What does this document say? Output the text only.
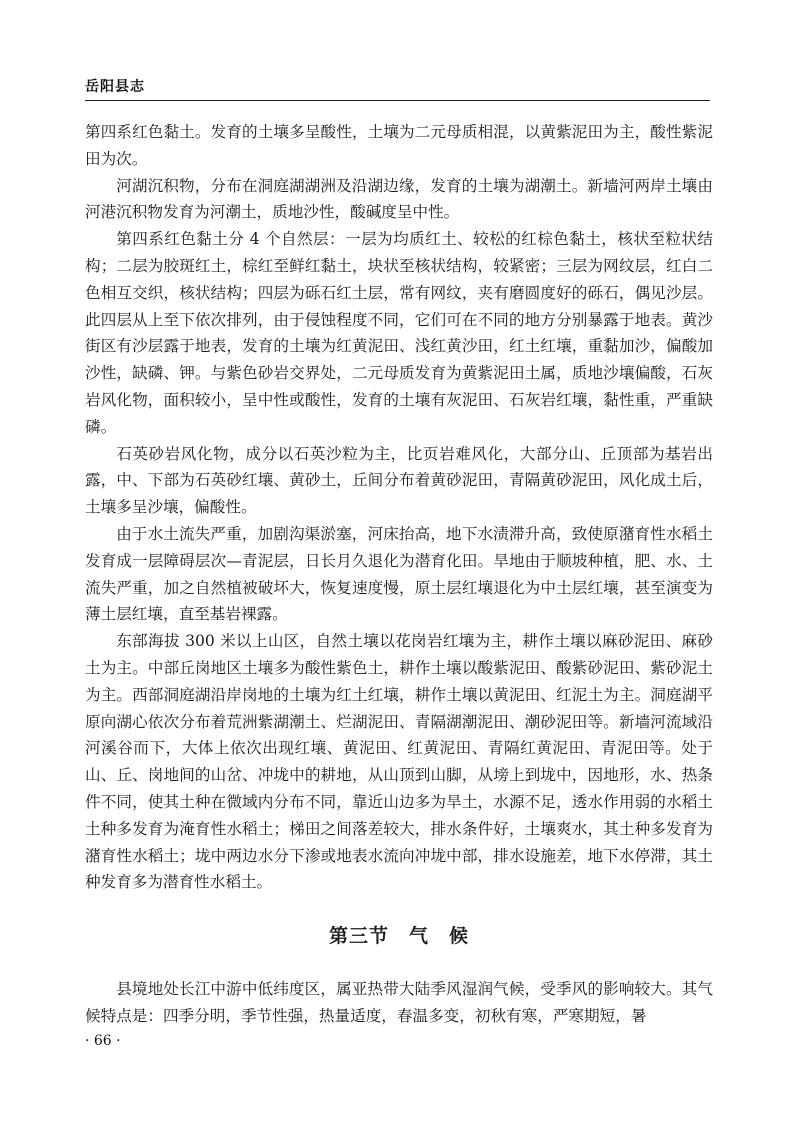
岳阳县志

第四系红色黏土。发育的土壤多呈酸性，土壤为二元母质相混，以黄紫泥田为主，酸性紫泥田为次。

河湖沉积物，分布在洞庭湖湖洲及沿湖边缘，发育的土壤为湖潮土。新墙河两岸土壤由河港沉积物发育为河潮土，质地沙性，酸碱度呈中性。

第四系红色黏土分 4 个自然层：一层为均质红土、较松的红棕色黏土，核状至粒状结构；二层为胶斑红土，棕红至鲜红黏土，块状至核状结构，较紧密；三层为网纹层，红白二色相互交织，核状结构；四层为砾石红土层，常有网纹，夹有磨圆度好的砾石，偶见沙层。此四层从上至下依次排列，由于侵蚀程度不同，它们可在不同的地方分别暴露于地表。黄沙街区有沙层露于地表，发育的土壤为红黄泥田、浅红黄沙田，红土红壤，重黏加沙，偏酸加沙性，缺磷、钾。与紫色砂岩交界处，二元母质发育为黄紫泥田土属，质地沙壤偏酸，石灰岩风化物，面积较小，呈中性或酸性，发育的土壤有灰泥田、石灰岩红壤，黏性重，严重缺磷。

石英砂岩风化物，成分以石英沙粒为主，比页岩难风化，大部分山、丘顶部为基岩出露，中、下部为石英砂红壤、黄砂土，丘间分布着黄砂泥田，青隔黄砂泥田，风化成土后，土壤多呈沙壤，偏酸性。

由于水土流失严重，加剧沟渠淤塞，河床抬高，地下水渍滞升高，致使原潴育性水稻土发育成一层障碍层次—青泥层，日长月久退化为潜育化田。旱地由于顺坡种植，肥、水、土流失严重，加之自然植被破坏大，恢复速度慢，原土层红壤退化为中土层红壤，甚至演变为薄土层红壤，直至基岩裸露。

东部海拔 300 米以上山区，自然土壤以花岗岩红壤为主，耕作土壤以麻砂泥田、麻砂土为主。中部丘岗地区土壤多为酸性紫色土，耕作土壤以酸紫泥田、酸紫砂泥田、紫砂泥土为主。西部洞庭湖沿岸岗地的土壤为红土红壤，耕作土壤以黄泥田、红泥土为主。洞庭湖平原向湖心依次分布着荒洲紫湖潮土、烂湖泥田、青隔湖潮泥田、潮砂泥田等。新墙河流域沿河溪谷而下，大体上依次出现红壤、黄泥田、红黄泥田、青隔红黄泥田、青泥田等。处于山、丘、岗地间的山岔、冲垅中的耕地，从山顶到山脚，从塝上到垅中，因地形，水、热条件不同，使其土种在微域内分布不同，靠近山边多为旱土，水源不足，透水作用弱的水稻土土种多发育为淹育性水稻土；梯田之间落差较大，排水条件好，土壤爽水，其土种多发育为潴育性水稻土；垅中两边水分下渗或地表水流向冲垅中部，排水设施差，地下水停滞，其土种发育多为潜育性水稻土。

第三节　气　候

县境地处长江中游中低纬度区，属亚热带大陆季风湿润气候，受季风的影响较大。其气候特点是：四季分明，季节性强，热量适度，春温多变，初秋有寒，严寒期短，暑

· 66 ·
